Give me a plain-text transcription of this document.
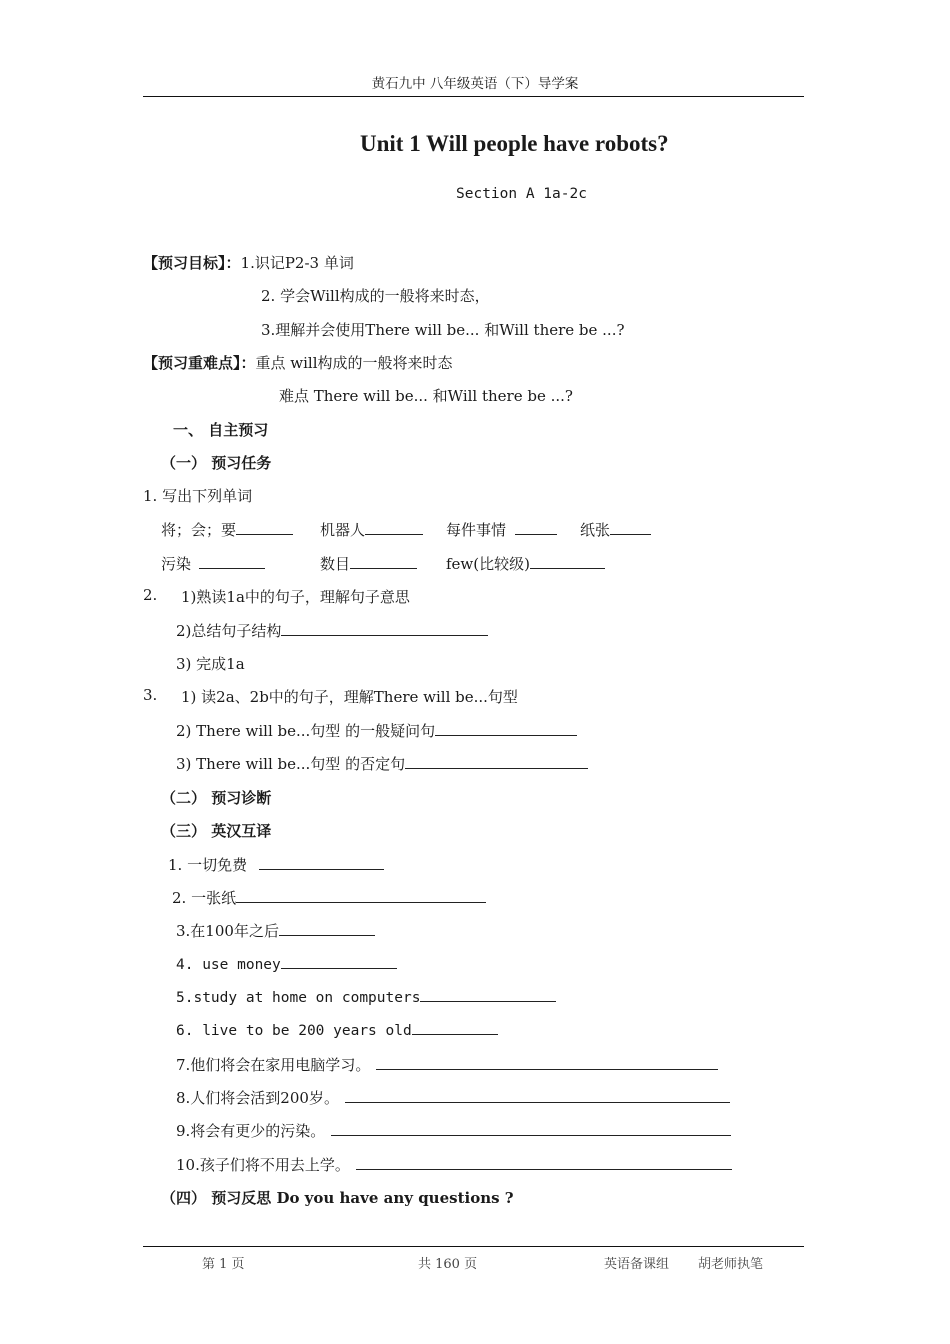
黄石九中 八年级英语（下）导学案
Unit 1 Will people have robots?
Section A 1a-2c
【预习目标】：1.识记P2-3 单词
2. 学会Will构成的一般将来时态，
3.理解并会使用There will be... 和Will there be ...?
【预习重难点】：重点 will构成的一般将来时态
难点 There will be... 和Will there be ...?
一、 自主预习
（一） 预习任务
1. 写出下列单词
将；会；要	机器人	每件事情	纸张
污染	数目	few(比较级)
2. 1)熟读1a中的句子，理解句子意思
2)总结句子结构
3) 完成1a
3. 1) 读2a、2b中的句子，理解There will be...句型
2) There will be...句型 的一般疑问句
3) There will be...句型 的否定句
（二） 预习诊断
（三） 英汉互译
1. 一切免费
2. 一张纸
3.在100年之后
4. use money
5.study at home on computers
6. live to be 200 years old
7.他们将会在家用电脑学习。
8.人们将会活到200岁。
9.将会有更少的污染。
10.孩子们将不用去上学。
（四） 预习反思 Do you have any questions ?
第 1 页	共 160 页	英语备课组 胡老师执笔
